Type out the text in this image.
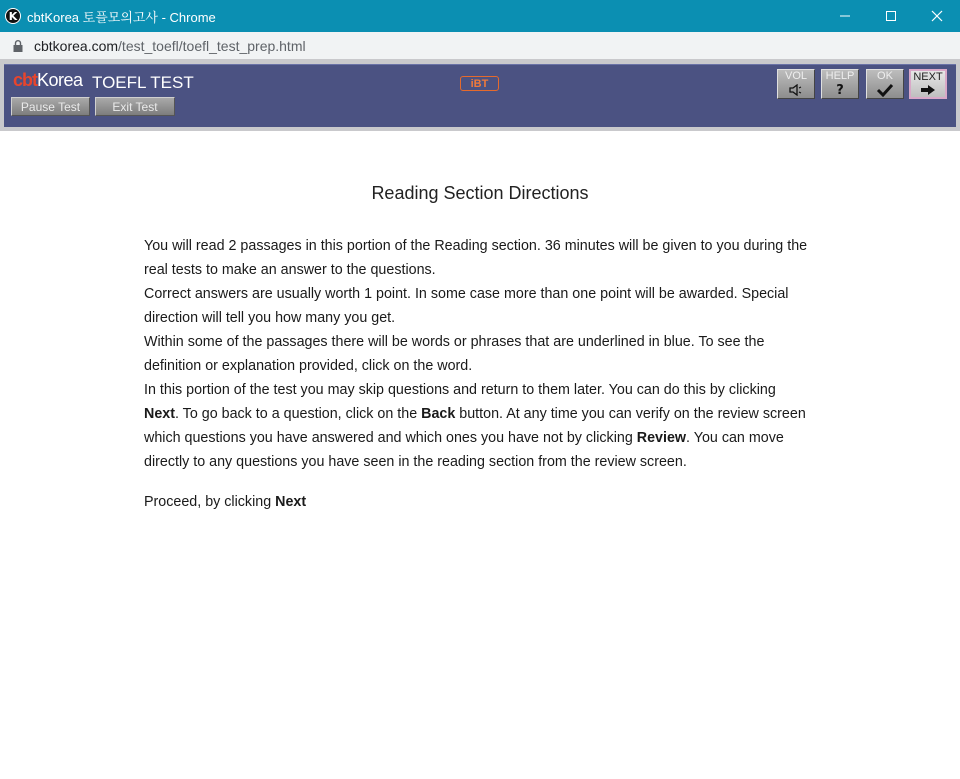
K cbtKorea 토플모의고사 - Chrome
cbtkorea.com/test_toefl/toefl_test_prep.html
cbt Korea TOEFL TEST
Pause Test	Exit Test
iBT
VOL HELP
?
OK NEXT
Reading Section Directions

You will read 2 passages in this portion of the Reading section. 36 minutes will be given to you during the real tests to make an answer to the questions.

Correct answers are usually worth 1 point. In some case more than one point will be awarded. Special direction will tell you how many you get.

Within some of the passages there will be words or phrases that are underlined in blue. To see the definition or explanation provided, click on the word.

In this portion of the test you may skip questions and return to them later. You can do this by clicking Next. To go back to a question, click on the Back button. At any time you can verify on the review screen which questions you have answered and which ones you have not by clicking Review. You can move directly to any questions you have seen in the reading section from the review screen.

Proceed, by clicking Next
